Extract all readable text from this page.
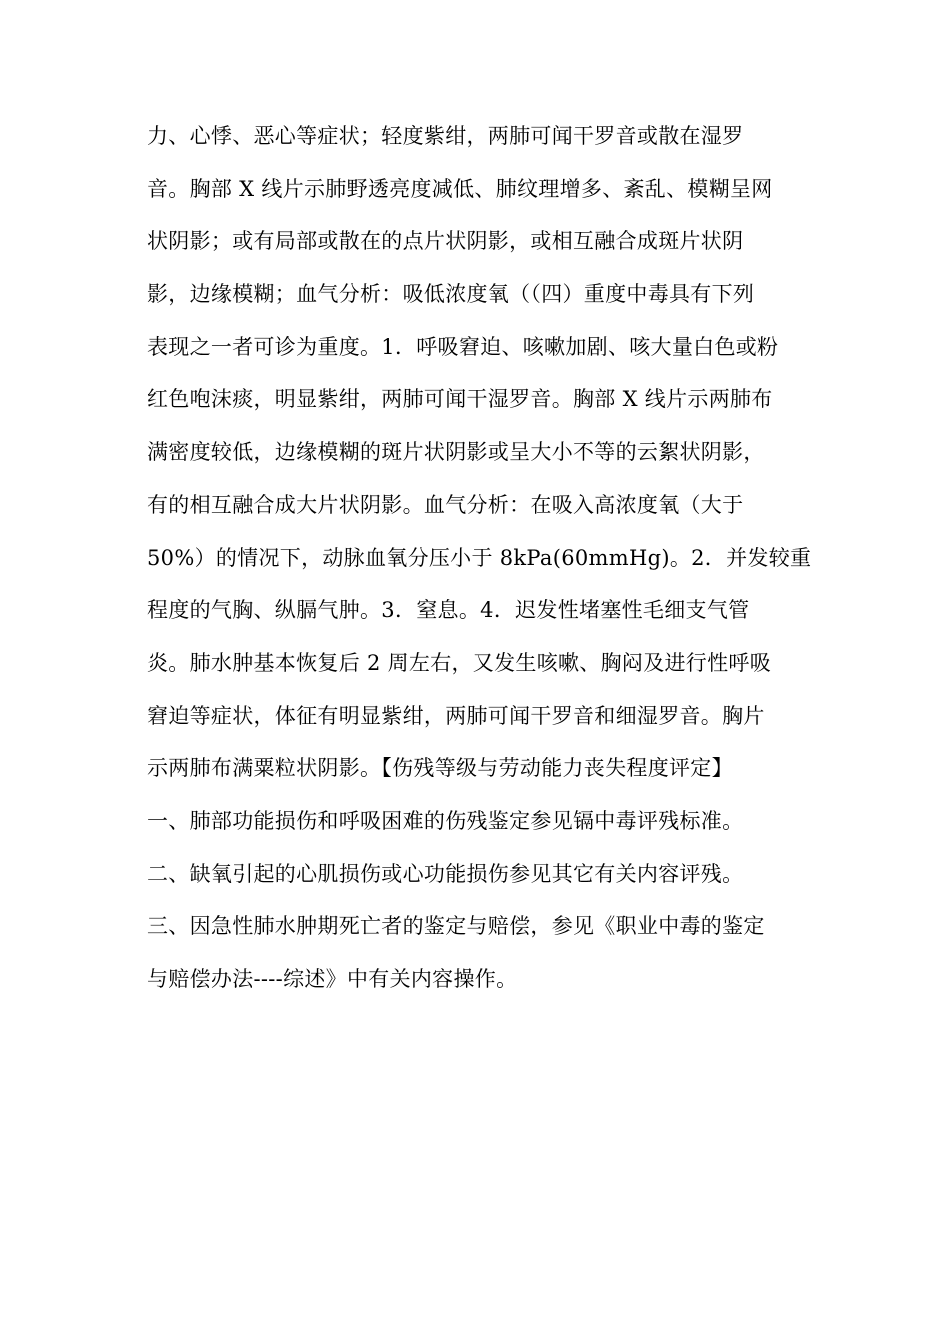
力、心悸、恶心等症状；轻度紫绀，两肺可闻干罗音或散在湿罗
音。胸部 X 线片示肺野透亮度减低、肺纹理增多、紊乱、模糊呈网
状阴影；或有局部或散在的点片状阴影，或相互融合成斑片状阴
影，边缘模糊；血气分析：吸低浓度氧（（四）重度中毒具有下列
表现之一者可诊为重度。1．呼吸窘迫、咳嗽加剧、咳大量白色或粉
红色咆沫痰，明显紫绀，两肺可闻干湿罗音。胸部 X 线片示两肺布
满密度较低，边缘模糊的斑片状阴影或呈大小不等的云絮状阴影，
有的相互融合成大片状阴影。血气分析：在吸入高浓度氧（大于
50%）的情况下，动脉血氧分压小于 8kPa(60mmHg)。2．并发较重
程度的气胸、纵膈气肿。3．窒息。4．迟发性堵塞性毛细支气管
炎。肺水肿基本恢复后 2 周左右，又发生咳嗽、胸闷及进行性呼吸
窘迫等症状，体征有明显紫绀，两肺可闻干罗音和细湿罗音。胸片
示两肺布满粟粒状阴影。【伤残等级与劳动能力丧失程度评定】
一、肺部功能损伤和呼吸困难的伤残鉴定参见镉中毒评残标准。
二、缺氧引起的心肌损伤或心功能损伤参见其它有关内容评残。
三、因急性肺水肿期死亡者的鉴定与赔偿，参见《职业中毒的鉴定
与赔偿办法----综述》中有关内容操作。
